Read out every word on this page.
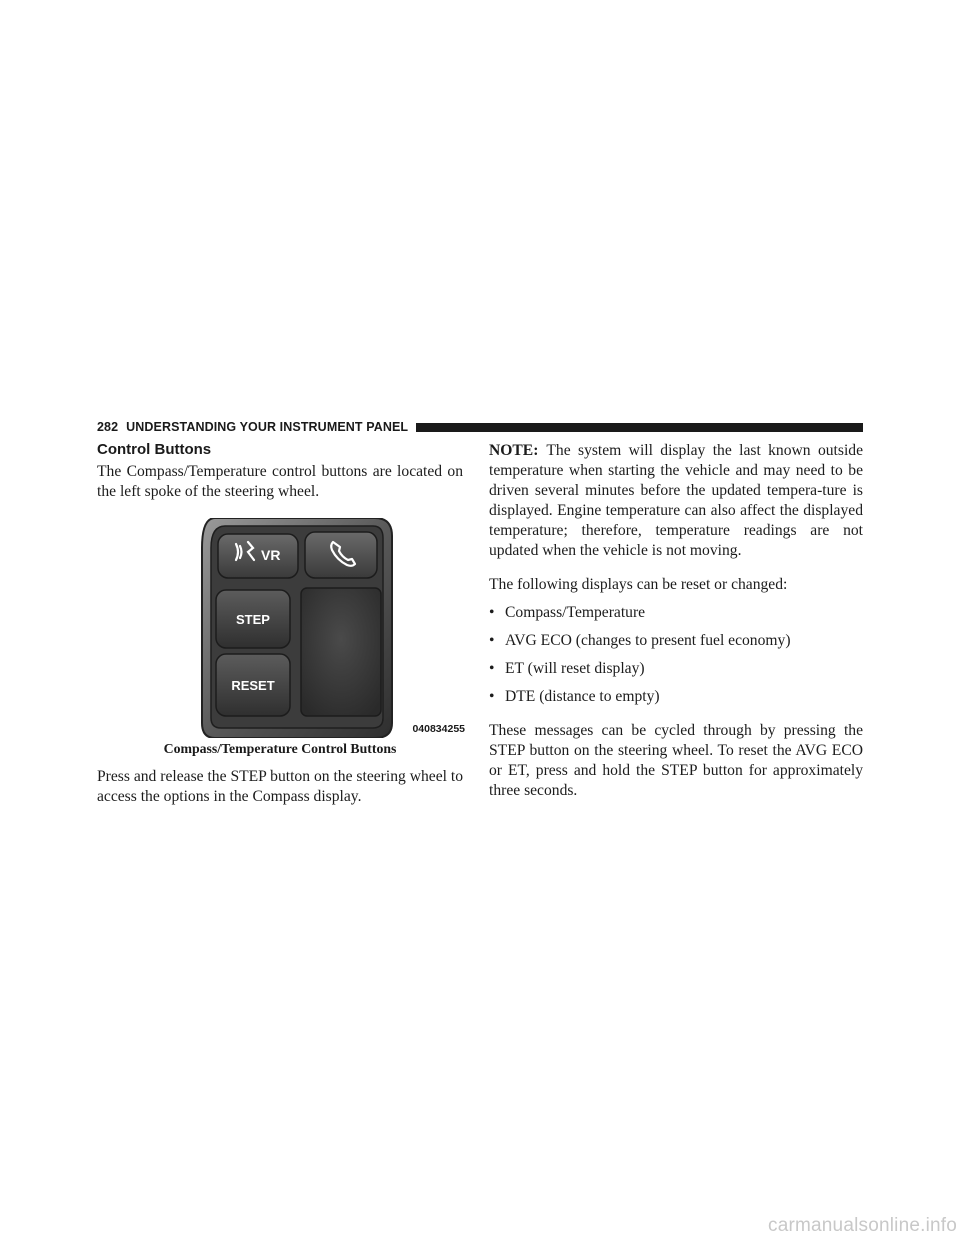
282 UNDERSTANDING YOUR INSTRUMENT PANEL
Control Buttons

The Compass/Temperature control buttons are located on the left spoke of the steering wheel.

VR
STEP
RESET
040834255
Compass/Temperature Control Buttons

Press and release the STEP button on the steering wheel to access the options in the Compass display.

NOTE: The system will display the last known outside temperature when starting the vehicle and may need to be driven several minutes before the updated tempera-ture is displayed. Engine temperature can also affect the displayed temperature; therefore, temperature readings are not updated when the vehicle is not moving.

The following displays can be reset or changed:

• Compass/Temperature
• AVG ECO (changes to present fuel economy)
• ET (will reset display)
• DTE (distance to empty)

These messages can be cycled through by pressing the STEP button on the steering wheel. To reset the AVG ECO or ET, press and hold the STEP button for approximately three seconds.

carmanualsonline.info
